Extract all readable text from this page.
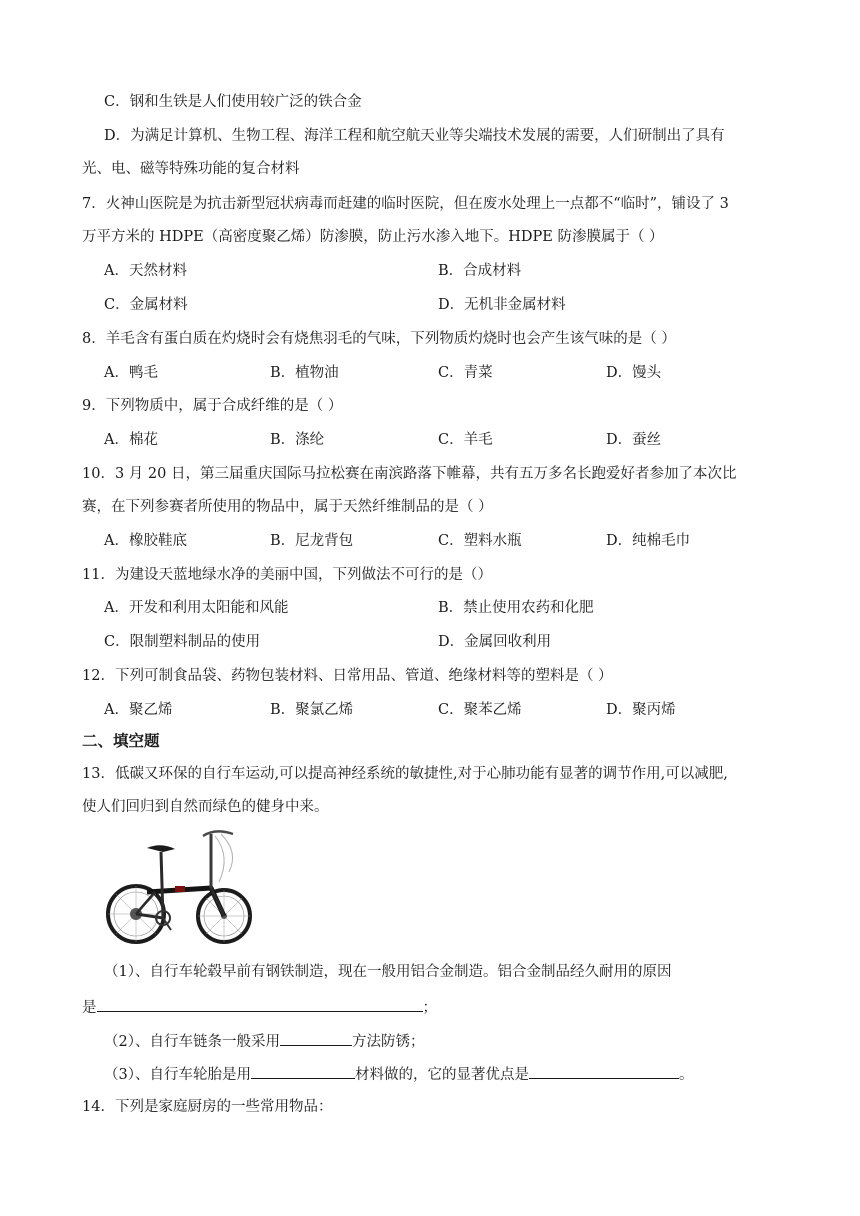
C．钢和生铁是人们使用较广泛的铁合金
D．为满足计算机、生物工程、海洋工程和航空航天业等尖端技术发展的需要，人们研制出了具有
光、电、磁等特殊功能的复合材料
7．火神山医院是为抗击新型冠状病毒而赶建的临时医院，但在废水处理上一点都不“临时”，铺设了 3
万平方米的 HDPE（高密度聚乙烯）防渗膜，防止污水渗入地下。HDPE 防渗膜属于（ ）
A．天然材料	B．合成材料
C．金属材料	D．无机非金属材料
8．羊毛含有蛋白质在灼烧时会有烧焦羽毛的气味，下列物质灼烧时也会产生该气味的是（ ）
A．鸭毛	B．植物油	C．青菜	D．馒头
9．下列物质中，属于合成纤维的是（ ）
A．棉花	B．涤纶	C．羊毛	D．蚕丝
10．3 月 20 日，第三届重庆国际马拉松赛在南滨路落下帷幕，共有五万多名长跑爱好者参加了本次比
赛，在下列参赛者所使用的物品中，属于天然纤维制品的是（ ）
A．橡胶鞋底	B．尼龙背包	C．塑料水瓶	D．纯棉毛巾
11．为建设天蓝地绿水净的美丽中国，下列做法不可行的是（）
A．开发和利用太阳能和风能	B．禁止使用农药和化肥
C．限制塑料制品的使用	D．金属回收利用
12．下列可制食品袋、药物包装材料、日常用品、管道、绝缘材料等的塑料是（ ）
A．聚乙烯	B．聚氯乙烯	C．聚苯乙烯	D．聚丙烯
二、填空题
13．低碳又环保的自行车运动,可以提高神经系统的敏捷性,对于心肺功能有显著的调节作用,可以减肥,
使人们回归到自然而绿色的健身中来。
（1）、自行车轮毂早前有钢铁制造，现在一般用铝合金制造。铝合金制品经久耐用的原因
是	；
（2）、自行车链条一般采用	方法防锈；
（3）、自行车轮胎是用	材料做的，它的显著优点是	。
14．下列是家庭厨房的一些常用物品：
